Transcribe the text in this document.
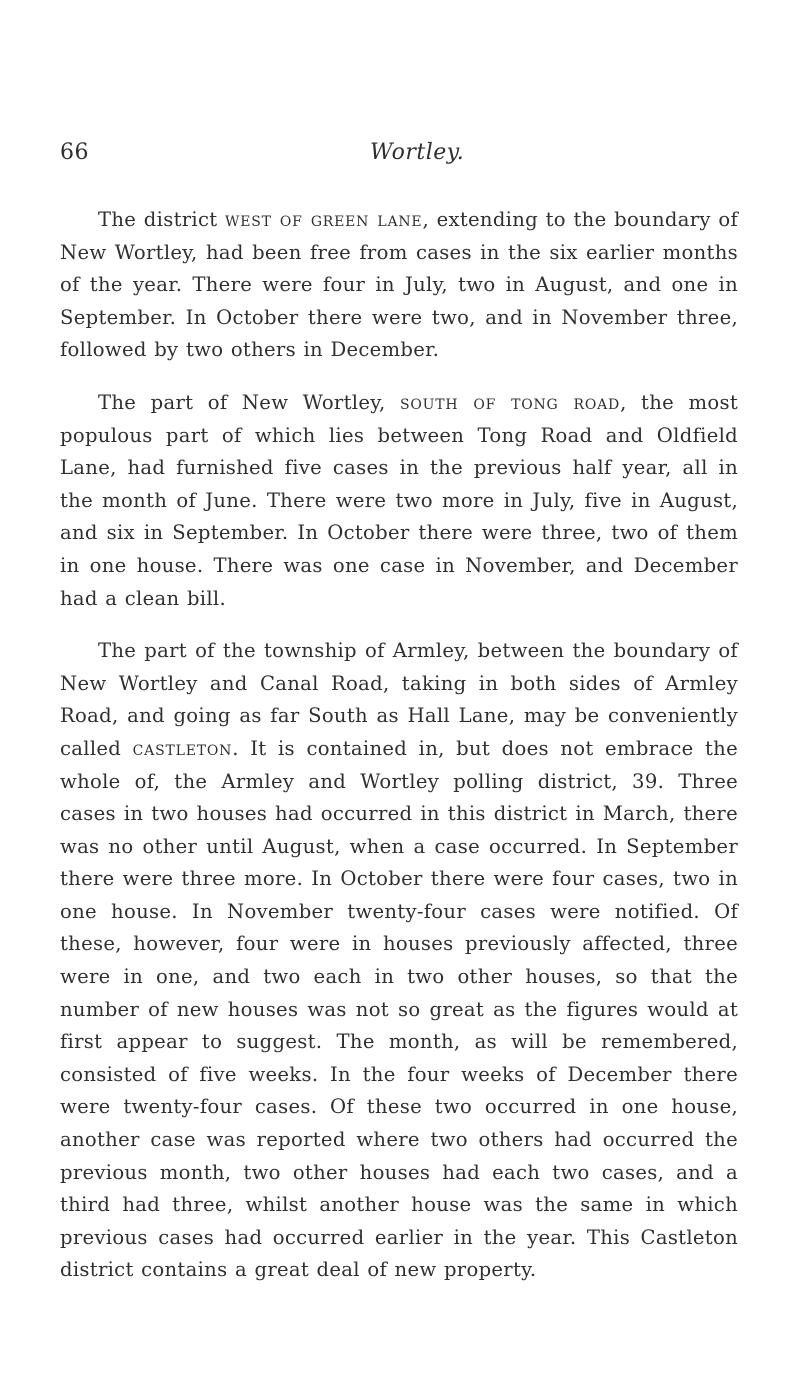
66	Wortley.

The district west of green lane, extending to the boundary of New Wortley, had been free from cases in the six earlier months of the year. There were four in July, two in August, and one in September. In October there were two, and in November three, followed by two others in December.

The part of New Wortley, south of tong road, the most populous part of which lies between Tong Road and Oldfield Lane, had furnished five cases in the previous half year, all in the month of June. There were two more in July, five in August, and six in September. In October there were three, two of them in one house. There was one case in November, and December had a clean bill.

The part of the township of Armley, between the boundary of New Wortley and Canal Road, taking in both sides of Armley Road, and going as far South as Hall Lane, may be conveniently called castleton. It is contained in, but does not embrace the whole of, the Armley and Wortley polling district, 39. Three cases in two houses had occurred in this district in March, there was no other until August, when a case occurred. In September there were three more. In October there were four cases, two in one house. In November twenty-four cases were notified. Of these, however, four were in houses previously affected, three were in one, and two each in two other houses, so that the number of new houses was not so great as the figures would at first appear to suggest. The month, as will be remembered, consisted of five weeks. In the four weeks of December there were twenty-four cases. Of these two occurred in one house, another case was reported where two others had occurred the previous month, two other houses had each two cases, and a third had three, whilst another house was the same in which previous cases had occurred earlier in the year. This Castleton district contains a great deal of new property.
